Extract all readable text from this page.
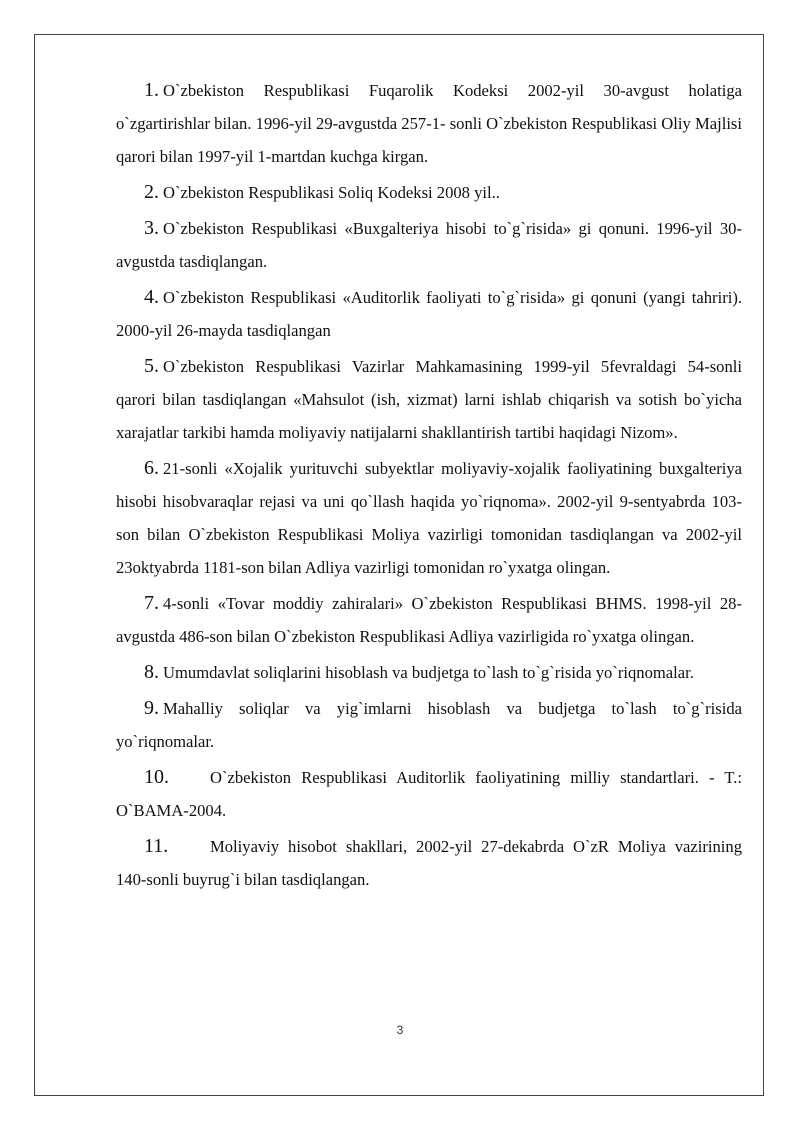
1. O`zbekiston Respublikasi Fuqarolik Kodeksi 2002-yil 30-avgust holatiga o`zgartirishlar bilan. 1996-yil 29-avgustda 257-1- sonli O`zbekiston Respublikasi Oliy Majlisi qarori bilan 1997-yil 1-martdan kuchga kirgan.

2. O`zbekiston Respublikasi Soliq Kodeksi 2008 yil..

3. O`zbekiston Respublikasi «Buxgalteriya hisobi to`g`risida» gi qonuni. 1996-yil 30-avgustda tasdiqlangan.

4. O`zbekiston Respublikasi «Auditorlik faoliyati to`g`risida» gi qonuni (yangi tahriri). 2000-yil 26-mayda tasdiqlangan

5. O`zbekiston Respublikasi Vazirlar Mahkamasining 1999-yil 5fevraldagi 54-sonli qarori bilan tasdiqlangan «Mahsulot (ish, xizmat) larni ishlab chiqarish va sotish bo`yicha xarajatlar tarkibi hamda moliyaviy natijalarni shakllantirish tartibi haqidagi Nizom».

6. 21-sonli «Xojalik yurituvchi subyektlar moliyaviy-xojalik faoliyatining buxgalteriya hisobi hisobvaraqlar rejasi va uni qo`llash haqida yo`riqnoma». 2002-yil 9-sentyabrda 103-son bilan O`zbekiston Respublikasi Moliya vazirligi tomonidan tasdiqlangan va 2002-yil 23oktyabrda 1181-son bilan Adliya vazirligi tomonidan ro`yxatga olingan.

7. 4-sonli «Tovar moddiy zahiralari» O`zbekiston Respublikasi BHMS. 1998-yil 28-avgustda 486-son bilan O`zbekiston Respublikasi Adliya vazirligida ro`yxatga olingan.

8. Umumdavlat soliqlarini hisoblash va budjetga to`lash to`g`risida yo`riqnomalar.

9. Mahalliy soliqlar va yig`imlarni hisoblash va budjetga to`lash to`g`risida yo`riqnomalar.

10. O`zbekiston Respublikasi Auditorlik faoliyatining milliy standartlari. - T.: O`BAMA-2004.

11.	Moliyaviy hisobot shakllari, 2002-yil 27-dekabrda O`zR Moliya vazirining 140-sonli buyrug`i bilan tasdiqlangan.

3
